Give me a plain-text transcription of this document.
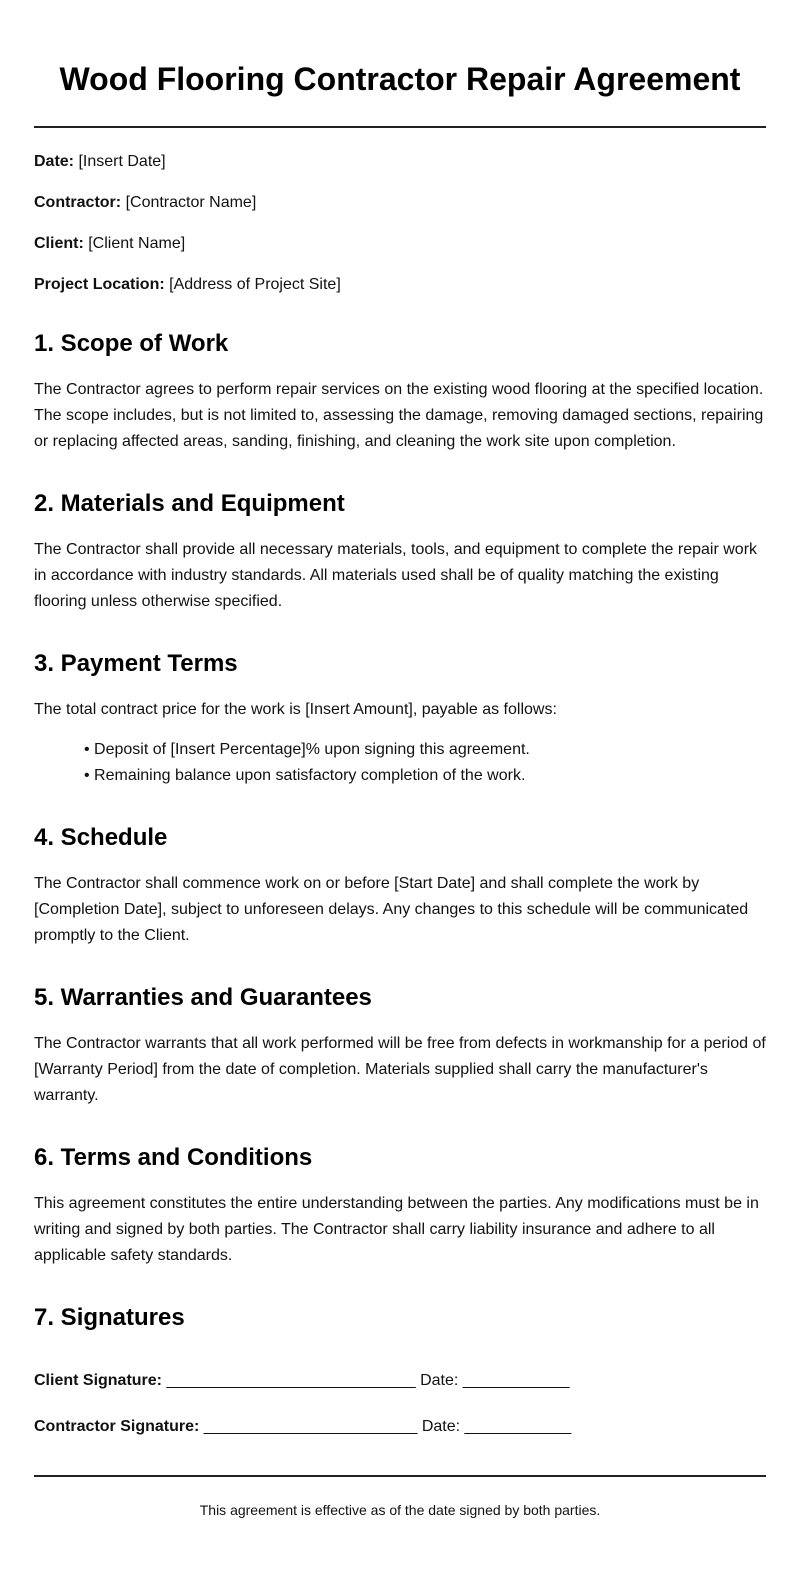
Wood Flooring Contractor Repair Agreement

Date: [Insert Date]

Contractor: [Contractor Name]

Client: [Client Name]

Project Location: [Address of Project Site]

1. Scope of Work

The Contractor agrees to perform repair services on the existing wood flooring at the specified location. The scope includes, but is not limited to, assessing the damage, removing damaged sections, repairing or replacing affected areas, sanding, finishing, and cleaning the work site upon completion.

2. Materials and Equipment

The Contractor shall provide all necessary materials, tools, and equipment to complete the repair work in accordance with industry standards. All materials used shall be of quality matching the existing flooring unless otherwise specified.

3. Payment Terms

The total contract price for the work is [Insert Amount], payable as follows:

• Deposit of [Insert Percentage]% upon signing this agreement.
• Remaining balance upon satisfactory completion of the work.
4. Schedule

The Contractor shall commence work on or before [Start Date] and shall complete the work by [Completion Date], subject to unforeseen delays. Any changes to this schedule will be communicated promptly to the Client.

5. Warranties and Guarantees

The Contractor warrants that all work performed will be free from defects in workmanship for a period of [Warranty Period] from the date of completion. Materials supplied shall carry the manufacturer's warranty.

6. Terms and Conditions

This agreement constitutes the entire understanding between the parties. Any modifications must be in writing and signed by both parties. The Contractor shall carry liability insurance and adhere to all applicable safety standards.

7. Signatures

Client Signature: ____________________________ Date: ____________

Contractor Signature: ________________________ Date: ____________

This agreement is effective as of the date signed by both parties.
